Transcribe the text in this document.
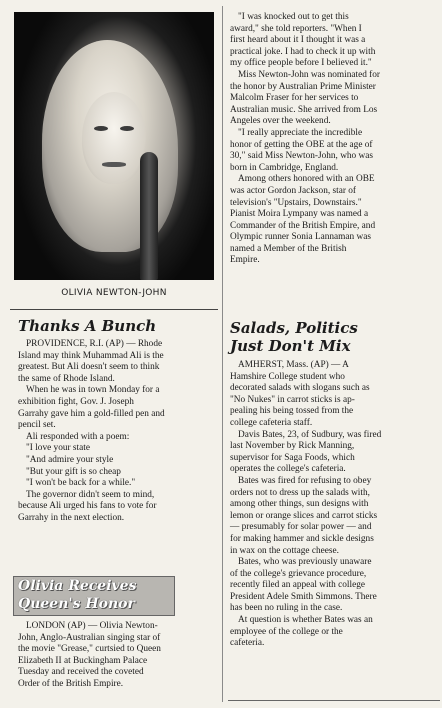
OLIVIA NEWTON-JOHN
Thanks A Bunch
PROVIDENCE, R.I. (AP) — Rhode
Island may think Muhammad Ali is the
greatest. But Ali doesn't seem to think
the same of Rhode Island.
When he was in town Monday for a
exhibition fight, Gov. J. Joseph
Garrahy gave him a gold-filled pen and
pencil set.
Ali responded with a poem:
"I love your state
"And admire your style
"But your gift is so cheap
"I won't be back for a while."
The governor didn't seem to mind,
because Ali urged his fans to vote for
Garrahy in the next election.
Olivia Receives
Queen's Honor
LONDON (AP) — Olivia Newton-
John, Anglo-Australian singing star of
the movie "Grease," curtsied to Queen
Elizabeth II at Buckingham Palace
Tuesday and received the coveted
Order of the British Empire.
"I was knocked out to get this
award," she told reporters. "When I
first heard about it I thought it was a
practical joke. I had to check it up with
my office people before I believed it."
Miss Newton-John was nominated for
the honor by Australian Prime Minister
Malcolm Fraser for her services to
Australian music. She arrived from Los
Angeles over the weekend.
"I really appreciate the incredible
honor of getting the OBE at the age of
30," said Miss Newton-John, who was
born in Cambridge, England.
Among others honored with an OBE
was actor Gordon Jackson, star of
television's "Upstairs, Downstairs."
Pianist Moira Lympany was named a
Commander of the British Empire, and
Olympic runner Sonia Lannaman was
named a Member of the British
Empire.
Salads, Politics
Just Don't Mix
AMHERST, Mass. (AP) — A
Hamshire College student who
decorated salads with slogans such as
"No Nukes" in carrot sticks is ap-
pealing his being tossed from the
college cafeteria staff.
Davis Bates, 23, of Sudbury, was fired
last November by Rick Manning,
supervisor for Saga Foods, which
operates the college's cafeteria.
Bates was fired for refusing to obey
orders not to dress up the salads with,
among other things, sun designs with
lemon or orange slices and carrot sticks
— presumably for solar power — and
for making hammer and sickle designs
in wax on the cottage cheese.
Bates, who was previously unaware
of the college's grievance procedure,
recently filed an appeal with college
President Adele Smith Simmons. There
has been no ruling in the case.
At question is whether Bates was an
employee of the college or the
cafeteria.
